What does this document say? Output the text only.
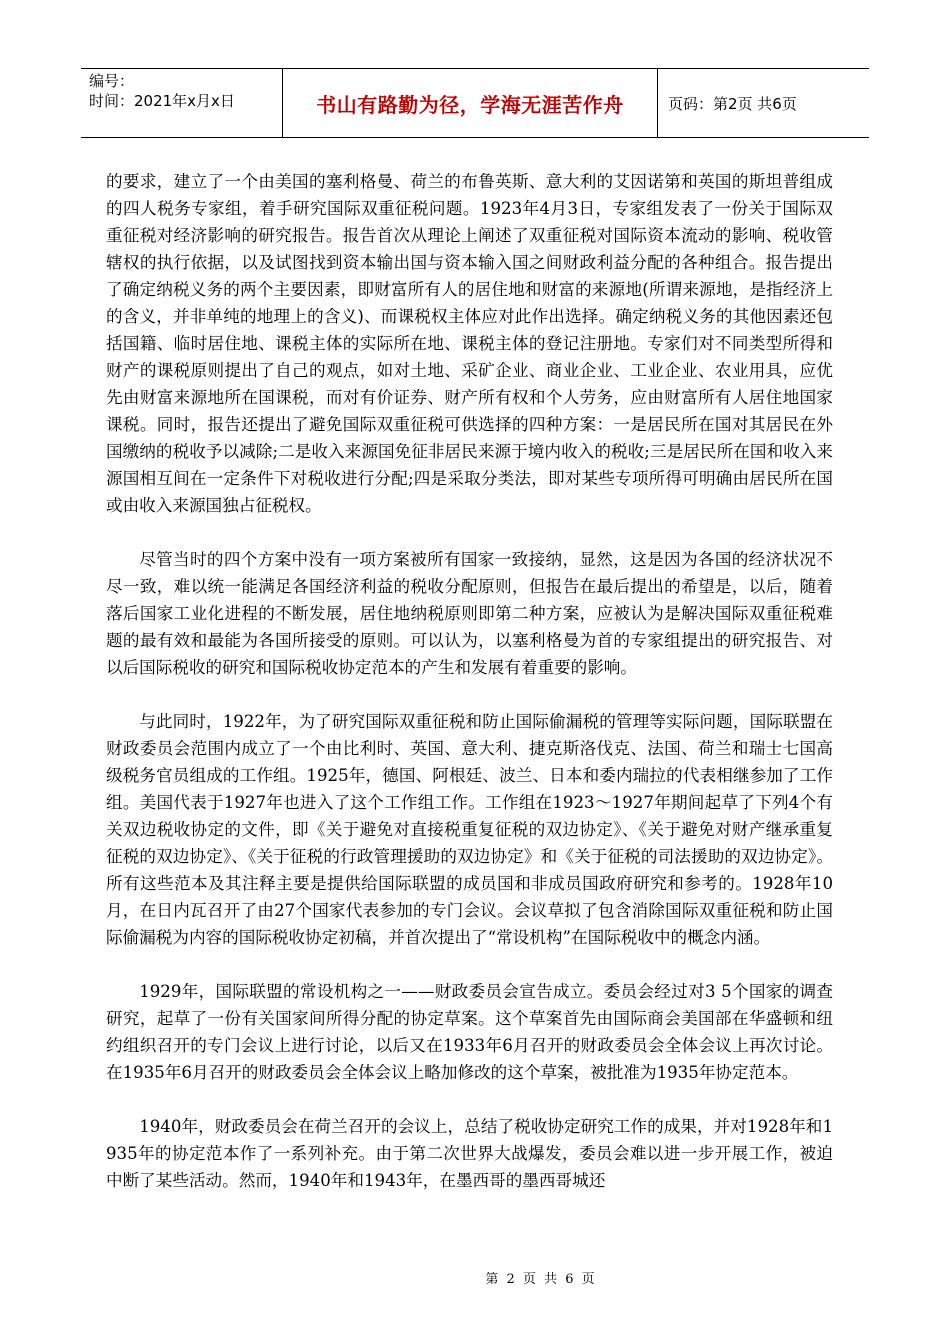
编号：
时间：2021年x月x日	书山有路勤为径，学海无涯苦作舟	页码：第2页 共6页

的要求，建立了一个由美国的塞利格曼、荷兰的布鲁英斯、意大利的艾因诺第和英国的斯坦普组成的四人税务专家组，着手研究国际双重征税问题。1923年4月3日，专家组发表了一份关于国际双重征税对经济影响的研究报告。报告首次从理论上阐述了双重征税对国际资本流动的影响、税收管辖权的执行依据，以及试图找到资本输出国与资本输入国之间财政利益分配的各种组合。报告提出了确定纳税义务的两个主要因素，即财富所有人的居住地和财富的来源地(所谓来源地，是指经济上的含义，并非单纯的地理上的含义)、而课税权主体应对此作出选择。确定纳税义务的其他因素还包括国籍、临时居住地、课税主体的实际所在地、课税主体的登记注册地。专家们对不同类型所得和财产的课税原则提出了自己的观点，如对土地、采矿企业、商业企业、工业企业、农业用具，应优先由财富来源地所在国课税，而对有价证券、财产所有权和个人劳务，应由财富所有人居住地国家课税。同时，报告还提出了避免国际双重征税可供选择的四种方案：一是居民所在国对其居民在外国缴纳的税收予以减除;二是收入来源国免征非居民来源于境内收入的税收;三是居民所在国和收入来源国相互间在一定条件下对税收进行分配;四是采取分类法，即对某些专项所得可明确由居民所在国或由收入来源国独占征税权。

尽管当时的四个方案中没有一项方案被所有国家一致接纳，显然，这是因为各国的经济状况不尽一致，难以统一能满足各国经济利益的税收分配原则，但报告在最后提出的希望是，以后，随着落后国家工业化进程的不断发展，居住地纳税原则即第二种方案，应被认为是解决国际双重征税难题的最有效和最能为各国所接受的原则。可以认为，以塞利格曼为首的专家组提出的研究报告、对以后国际税收的研究和国际税收协定范本的产生和发展有着重要的影响。

与此同时，1922年，为了研究国际双重征税和防止国际偷漏税的管理等实际问题，国际联盟在财政委员会范围内成立了一个由比利时、英国、意大利、捷克斯洛伐克、法国、荷兰和瑞士七国高级税务官员组成的工作组。1925年，德国、阿根廷、波兰、日本和委内瑞拉的代表相继参加了工作组。美国代表于1927年也进入了这个工作组工作。工作组在1923～1927年期间起草了下列4个有关双边税收协定的文件，即《关于避免对直接税重复征税的双边协定》、《关于避免对财产继承重复征税的双边协定》、《关于征税的行政管理援助的双边协定》和《关于征税的司法援助的双边协定》。所有这些范本及其注释主要是提供给国际联盟的成员国和非成员国政府研究和参考的。1928年10月，在日内瓦召开了由27个国家代表参加的专门会议。会议草拟了包含消除国际双重征税和防止国际偷漏税为内容的国际税收协定初稿，并首次提出了“常设机构”在国际税收中的概念内涵。

1929年，国际联盟的常设机构之一——财政委员会宣告成立。委员会经过对3 5个国家的调查研究，起草了一份有关国家间所得分配的协定草案。这个草案首先由国际商会美国部在华盛顿和纽约组织召开的专门会议上进行讨论，以后又在1933年6月召开的财政委员会全体会议上再次讨论。在1935年6月召开的财政委员会全体会议上略加修改的这个草案，被批准为1935年协定范本。

1940年，财政委员会在荷兰召开的会议上，总结了税收协定研究工作的成果，并对1928年和1935年的协定范本作了一系列补充。由于第二次世界大战爆发，委员会难以进一步开展工作，被迫中断了某些活动。然而，1940年和1943年，在墨西哥的墨西哥城还

第 2 页 共 6 页
